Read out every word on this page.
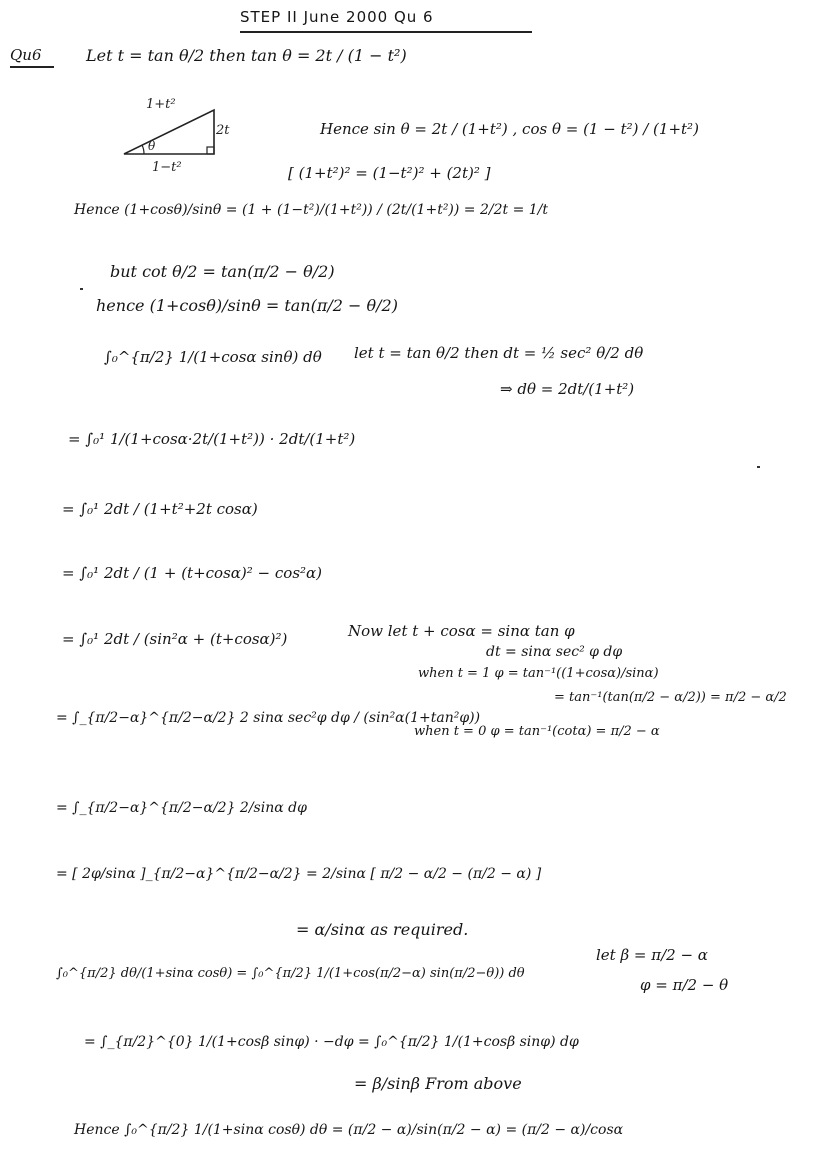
STEP II June 2000 Qu 6
Qu6	Let t = tan θ/2 then tan θ = 2t / (1 − t²)
θ
1+t²
2t
1−t²
Hence sin θ = 2t / (1+t²) , cos θ = (1 − t²) / (1+t²)
[ (1+t²)² = (1−t²)² + (2t)² ]
Hence (1+cosθ)/sinθ = (1 + (1−t²)/(1+t²)) / (2t/(1+t²)) = 2/2t = 1/t
but cot θ/2 = tan(π/2 − θ/2)
hence (1+cosθ)/sinθ = tan(π/2 − θ/2)
∫₀^{π/2} 1/(1+cosα sinθ) dθ let t = tan θ/2 then dt = ½ sec² θ/2 dθ
⇒ dθ = 2dt/(1+t²)
= ∫₀¹ 1/(1+cosα·2t/(1+t²)) · 2dt/(1+t²)
= ∫₀¹ 2dt / (1+t²+2t cosα)
= ∫₀¹ 2dt / (1 + (t+cosα)² − cos²α)
= ∫₀¹ 2dt / (sin²α + (t+cosα)²)	Now let t + cosα = sinα tan φ
dt = sinα sec² φ dφ
when t = 1 φ = tan⁻¹((1+cosα)/sinα)
= tan⁻¹(tan(π/2 − α/2)) = π/2 − α/2
when t = 0 φ = tan⁻¹(cotα) = π/2 − α
= ∫_{π/2−α}^{π/2−α/2} 2 sinα sec²φ dφ / (sin²α(1+tan²φ))
= ∫_{π/2−α}^{π/2−α/2} 2/sinα dφ
= [ 2φ/sinα ]_{π/2−α}^{π/2−α/2} = 2/sinα [ π/2 − α/2 − (π/2 − α) ]
= α/sinα as required.
∫₀^{π/2} dθ/(1+sinα cosθ) = ∫₀^{π/2} 1/(1+cos(π/2−α) sin(π/2−θ)) dθ
let β = π/2 − α
φ = π/2 − θ
= ∫_{π/2}^{0} 1/(1+cosβ sinφ) · −dφ = ∫₀^{π/2} 1/(1+cosβ sinφ) dφ
= β/sinβ From above
Hence ∫₀^{π/2} 1/(1+sinα cosθ) dθ = (π/2 − α)/sin(π/2 − α) = (π/2 − α)/cosα
